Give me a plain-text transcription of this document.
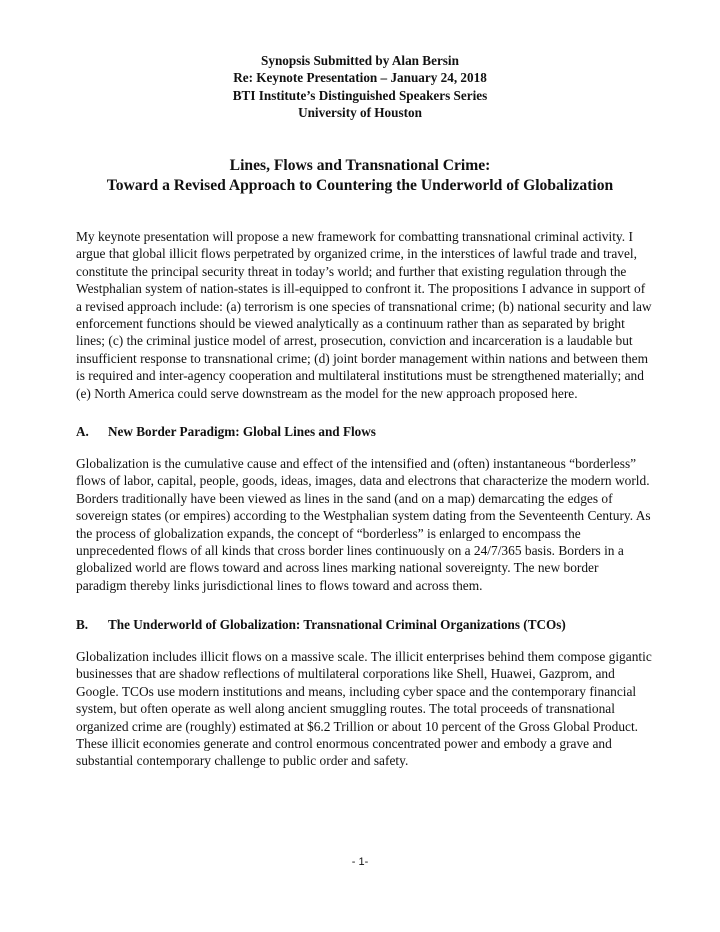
Synopsis Submitted by Alan Bersin
Re: Keynote Presentation – January 24, 2018
BTI Institute’s Distinguished Speakers Series
University of Houston
Lines, Flows and Transnational Crime:
Toward a Revised Approach to Countering the Underworld of Globalization

My keynote presentation will propose a new framework for combatting transnational criminal activity. I argue that global illicit flows perpetrated by organized crime, in the interstices of lawful trade and travel, constitute the principal security threat in today’s world; and further that existing regulation through the Westphalian system of nation-states is ill-equipped to confront it. The propositions I advance in support of a revised approach include: (a) terrorism is one species of transnational crime; (b) national security and law enforcement functions should be viewed analytically as a continuum rather than as separated by bright lines; (c) the criminal justice model of arrest, prosecution, conviction and incarceration is a laudable but insufficient response to transnational crime; (d) joint border management within nations and between them is required and inter-agency cooperation and multilateral institutions must be strengthened materially; and (e) North America could serve downstream as the model for the new approach proposed here.

A. New Border Paradigm: Global Lines and Flows

Globalization is the cumulative cause and effect of the intensified and (often) instantaneous “borderless” flows of labor, capital, people, goods, ideas, images, data and electrons that characterize the modern world. Borders traditionally have been viewed as lines in the sand (and on a map) demarcating the edges of sovereign states (or empires) according to the Westphalian system dating from the Seventeenth Century. As the process of globalization expands, the concept of “borderless” is enlarged to encompass the unprecedented flows of all kinds that cross border lines continuously on a 24/7/365 basis. Borders in a globalized world are flows toward and across lines marking national sovereignty. The new border paradigm thereby links jurisdictional lines to flows toward and across them.

B. The Underworld of Globalization: Transnational Criminal Organizations (TCOs)

Globalization includes illicit flows on a massive scale. The illicit enterprises behind them compose gigantic businesses that are shadow reflections of multilateral corporations like Shell, Huawei, Gazprom, and Google. TCOs use modern institutions and means, including cyber space and the contemporary financial system, but often operate as well along ancient smuggling routes. The total proceeds of transnational organized crime are (roughly) estimated at $6.2 Trillion or about 10 percent of the Gross Global Product. These illicit economies generate and control enormous concentrated power and embody a grave and substantial contemporary challenge to public order and safety.

- 1-
